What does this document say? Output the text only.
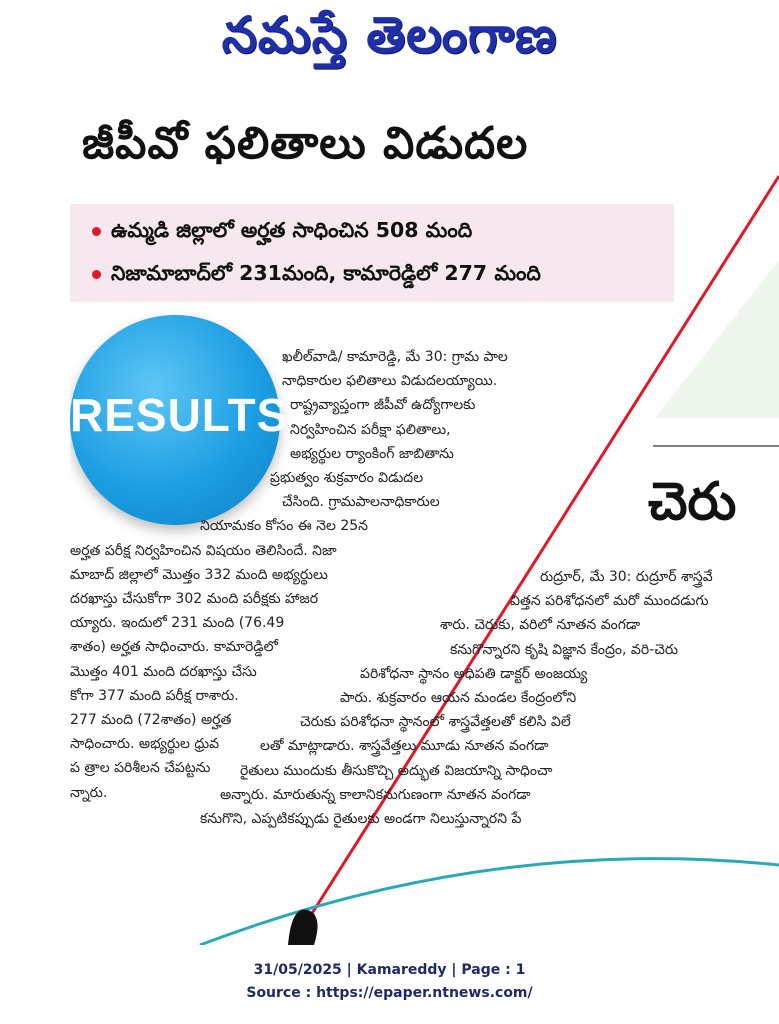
నమస్తే తెలంగాణ
జీపీవో ఫలితాలు విడుదల
ఉమ్మడి జిల్లాలో అర్హత సాధించిన 508 మంది
నిజామాబాద్‌లో 231మంది, కామారెడ్డిలో 277 మంది
RESULTS
చెరు
ఖలీల్‌వాడి/ కామారెడ్డి, మే 30: గ్రామ పాల
నాధికారుల ఫలితాలు విడుదలయ్యాయి.
రాష్ట్రవ్యాప్తంగా జీపీవో ఉద్యోగాలకు
నిర్వహించిన పరీక్షా ఫలితాలు,
అభ్యర్థుల ర్యాంకింగ్ జాబితాను
ప్రభుత్వం శుక్రవారం విడుదల
చేసింది. గ్రామపాలనాధికారుల
నియామకం కోసం ఈ నెల 25న
అర్హత పరీక్ష నిర్వహించిన విషయం తెలిసిందే. నిజా
మాబాద్ జిల్లాలో మొత్తం 332 మంది అభ్యర్థులు
దరఖాస్తు చేసుకోగా 302 మంది పరీక్షకు హాజర
య్యారు. ఇందులో 231 మంది (76.49
శాతం) అర్హత సాధించారు. కామారెడ్డిలో
మొత్తం 401 మంది దరఖాస్తు చేసు
కోగా 377 మంది పరీక్ష రాశారు.
277 మంది (72శాతం) అర్హత
సాధించారు. అభ్యర్థుల ధ్రువ
ప త్రాల పరిశీలన చేపట్టను
న్నారు.
రుద్రూర్, మే 30: రుద్రూర్ శాస్త్రవే
విత్తన పరిశోధనలో మరో ముందడుగు
శారు. చెరుకు, వరిలో నూతన వంగడా
కనుగొన్నారని కృషి విజ్ఞాన కేంద్రం, వరి-చెరు
పరిశోధనా స్థానం అధిపతి డాక్టర్ అంజయ్య
పారు. శుక్రవారం ఆయన మండల కేంద్రంలోని
చెరుకు పరిశోధనా స్థానంలో శాస్త్రవేత్తలతో కలిసి విలే
లతో మాట్లాడారు. శాస్త్రవేత్తలు మూడు నూతన వంగడా
రైతులు ముందుకు తీసుకొచ్చి అద్భుత విజయాన్ని సాధించా
అన్నారు. మారుతున్న కాలానికనుగుణంగా నూతన వంగడా
కనుగొని, ఎప్పటికప్పుడు రైతులకు అండగా నిలుస్తున్నారని పే
31/05/2025 | Kamareddy | Page : 1
Source : https://epaper.ntnews.com/
